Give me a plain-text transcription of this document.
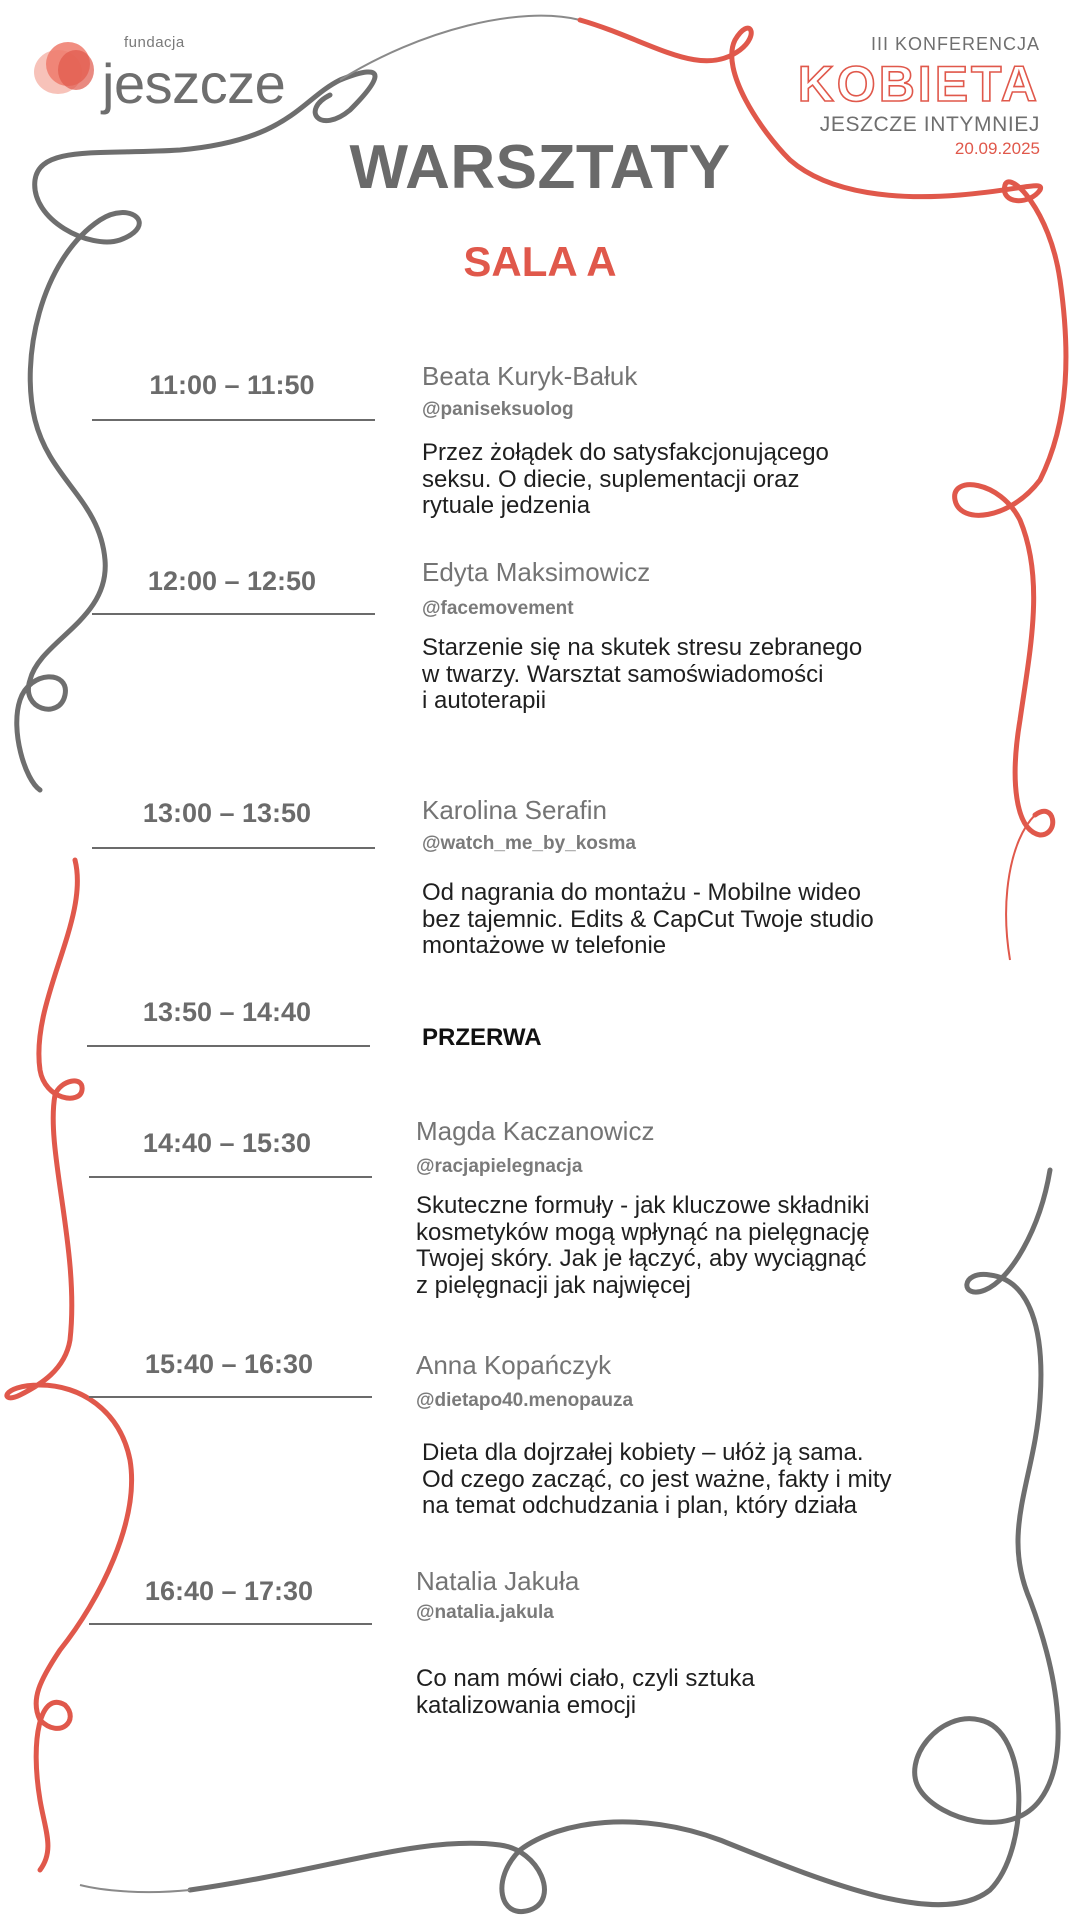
fundacja
jeszcze
III KONFERENCJA
KOBIETA
JESZCZE INTYMNIEJ
20.09.2025
WARSZTATY
SALA A
11:00 – 11:50	Beata Kuryk-Bałuk
@paniseksuolog
Przez żołądek do satysfakcjonującego
seksu. O diecie, suplementacji oraz
rytuale jedzenia
12:00 – 12:50	Edyta Maksimowicz
@facemovement
Starzenie się na skutek stresu zebranego
w twarzy. Warsztat samoświadomości
i autoterapii
13:00 – 13:50	Karolina Serafin
@watch_me_by_kosma
Od nagrania do montażu - Mobilne wideo
bez tajemnic. Edits & CapCut Twoje studio
montażowe w telefonie
13:50 – 14:40
PRZERWA
14:40 – 15:30	Magda Kaczanowicz
@racjapielegnacja
Skuteczne formuły - jak kluczowe składniki
kosmetyków mogą wpłynąć na pielęgnację
Twojej skóry. Jak je łączyć, aby wyciągnąć
z pielęgnacji jak najwięcej
15:40 – 16:30	Anna Kopańczyk
@dietapo40.menopauza
Dieta dla dojrzałej kobiety – ułóż ją sama.
Od czego zacząć, co jest ważne, fakty i mity
na temat odchudzania i plan, który działa
16:40 – 17:30	Natalia Jakuła
@natalia.jakula
Co nam mówi ciało, czyli sztuka
katalizowania emocji
